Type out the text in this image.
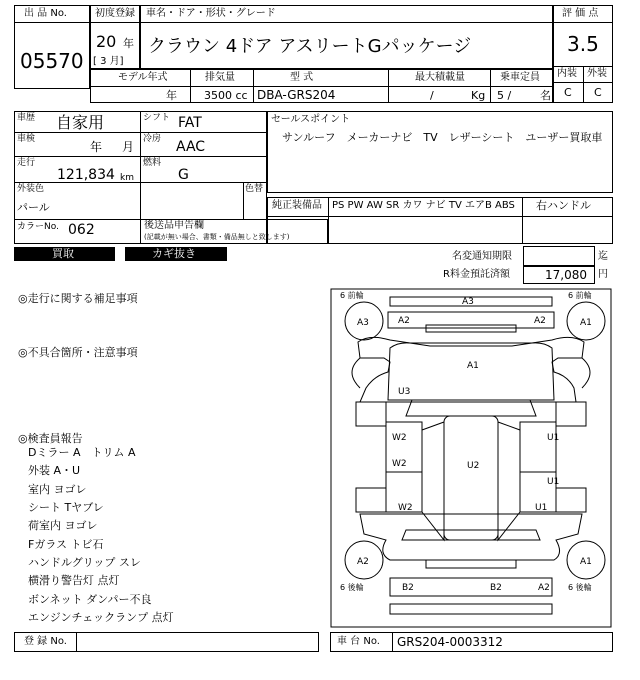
出 品 No.
05570
初度登録
20 年
[ 3 月]
車名・ドア・形状・グレード
クラウン 4ドア アスリートGパッケージ
評 価 点
3.5
内装 外装
C C
モデル年式	排気量	型 式	最大積載量	乗車定員
年 3500 cc DBA-GRS204	/	Kg 5 /	名
車歴 自家用	シフト FAT
車検
年 月
冷房 AAC
走行
121,834 km
燃料
G
外装色
パール
色替
カラーNo. 062	後送品申告欄
(記載が無い場合、書類・備品無しと致します)
セールスポイント
サンルーフ　メーカーナビ　TV　レザーシート　ユーザー買取車
純正装備品 PS PW AW SR カワ ナビ TV エアB ABS 右ハンドル
買取	カギ抜き	名変通知期限	迄
R料金預託済額	17,080 円
◎走行に関する補足事項
◎不具合箇所・注意事項
◎検査員報告
Dミラー A　トリム A
外装 A・U
室内 ヨゴレ
シート Tヤブレ
荷室内 ヨゴレ
Fガラス トビ石
ハンドルグリップ スレ
横滑り警告灯 点灯
ボンネット ダンパー不良
エンジンチェックランプ 点灯
6 前輪	6 前輪
6 後輪	6 後輪
A3
A3	A1
A2	A2
A1
U3
W2
W2
W2
U2
U1
U1
U1
A2	A1
B2	B2	A2
登 録 No.	車 台 No. GRS204-0003312
